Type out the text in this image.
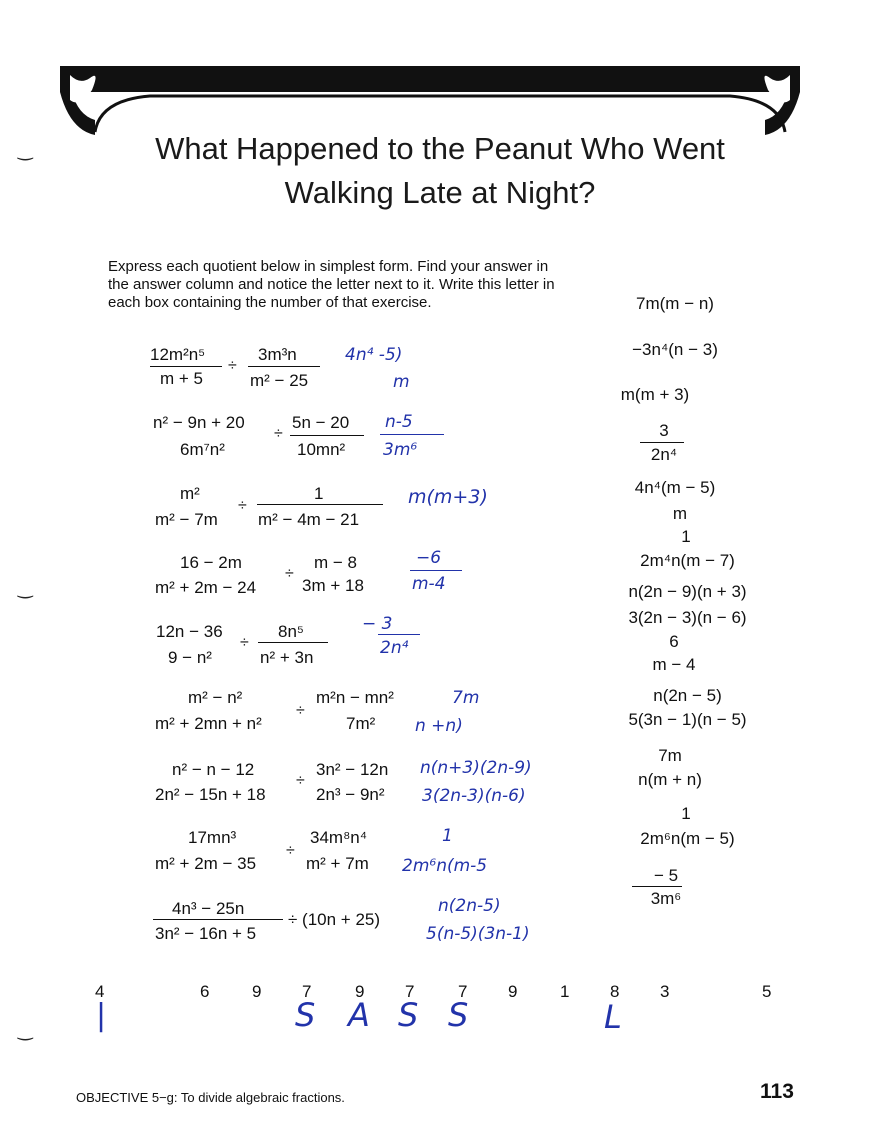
‿
‿
‿
What Happened to the Peanut Who Went
Walking Late at Night?
Express each quotient below in simplest form. Find your answer in the answer column and notice the letter next to it. Write this letter in each box containing the number of that exercise.
12m²n⁵
m + 5
÷
3m³n
m² − 25
4n⁴ -5)
m
n² − 9n + 20
6m⁷n²
÷
5n − 20
10mn²
n-5
3m⁶
m²
m² − 7m
÷
1
m² − 4m − 21
m(m+3)
16 − 2m
m² + 2m − 24
÷
m − 8
3m + 18
−6
m-4
12n − 36
9 − n²
÷
8n⁵
n² + 3n
− 3
2n⁴
m² − n²
m² + 2mn + n²
÷
m²n − mn²
7m²
7m
n +n)
n² − n − 12
2n² − 15n + 18
÷
3n² − 12n
2n³ − 9n²
n(n+3)(2n-9)
3(2n-3)(n-6)
17mn³
m² + 2m − 35
÷
34m⁸n⁴
m² + 7m
1
2m⁶n(m-5
4n³ − 25n
3n² − 16n + 5
÷ (10n + 25)
n(2n-5)
5(n-5)(3n-1)
7m(m − n)
−3n⁴(n − 3)
m(m + 3)
3
2n⁴
4n⁴(m − 5)
m
1
2m⁴n(m − 7)
n(2n − 9)(n + 3)
3(2n − 3)(n − 6)
6
m − 4
n(2n − 5)
5(3n − 1)(n − 5)
7m
n(m + n)
1
2m⁶n(m − 5)
− 5
3m⁶
4	6	9 7	9 7	7 9	1 8 3	5
|	S A S S	L
OBJECTIVE 5−g: To divide algebraic fractions.	113
